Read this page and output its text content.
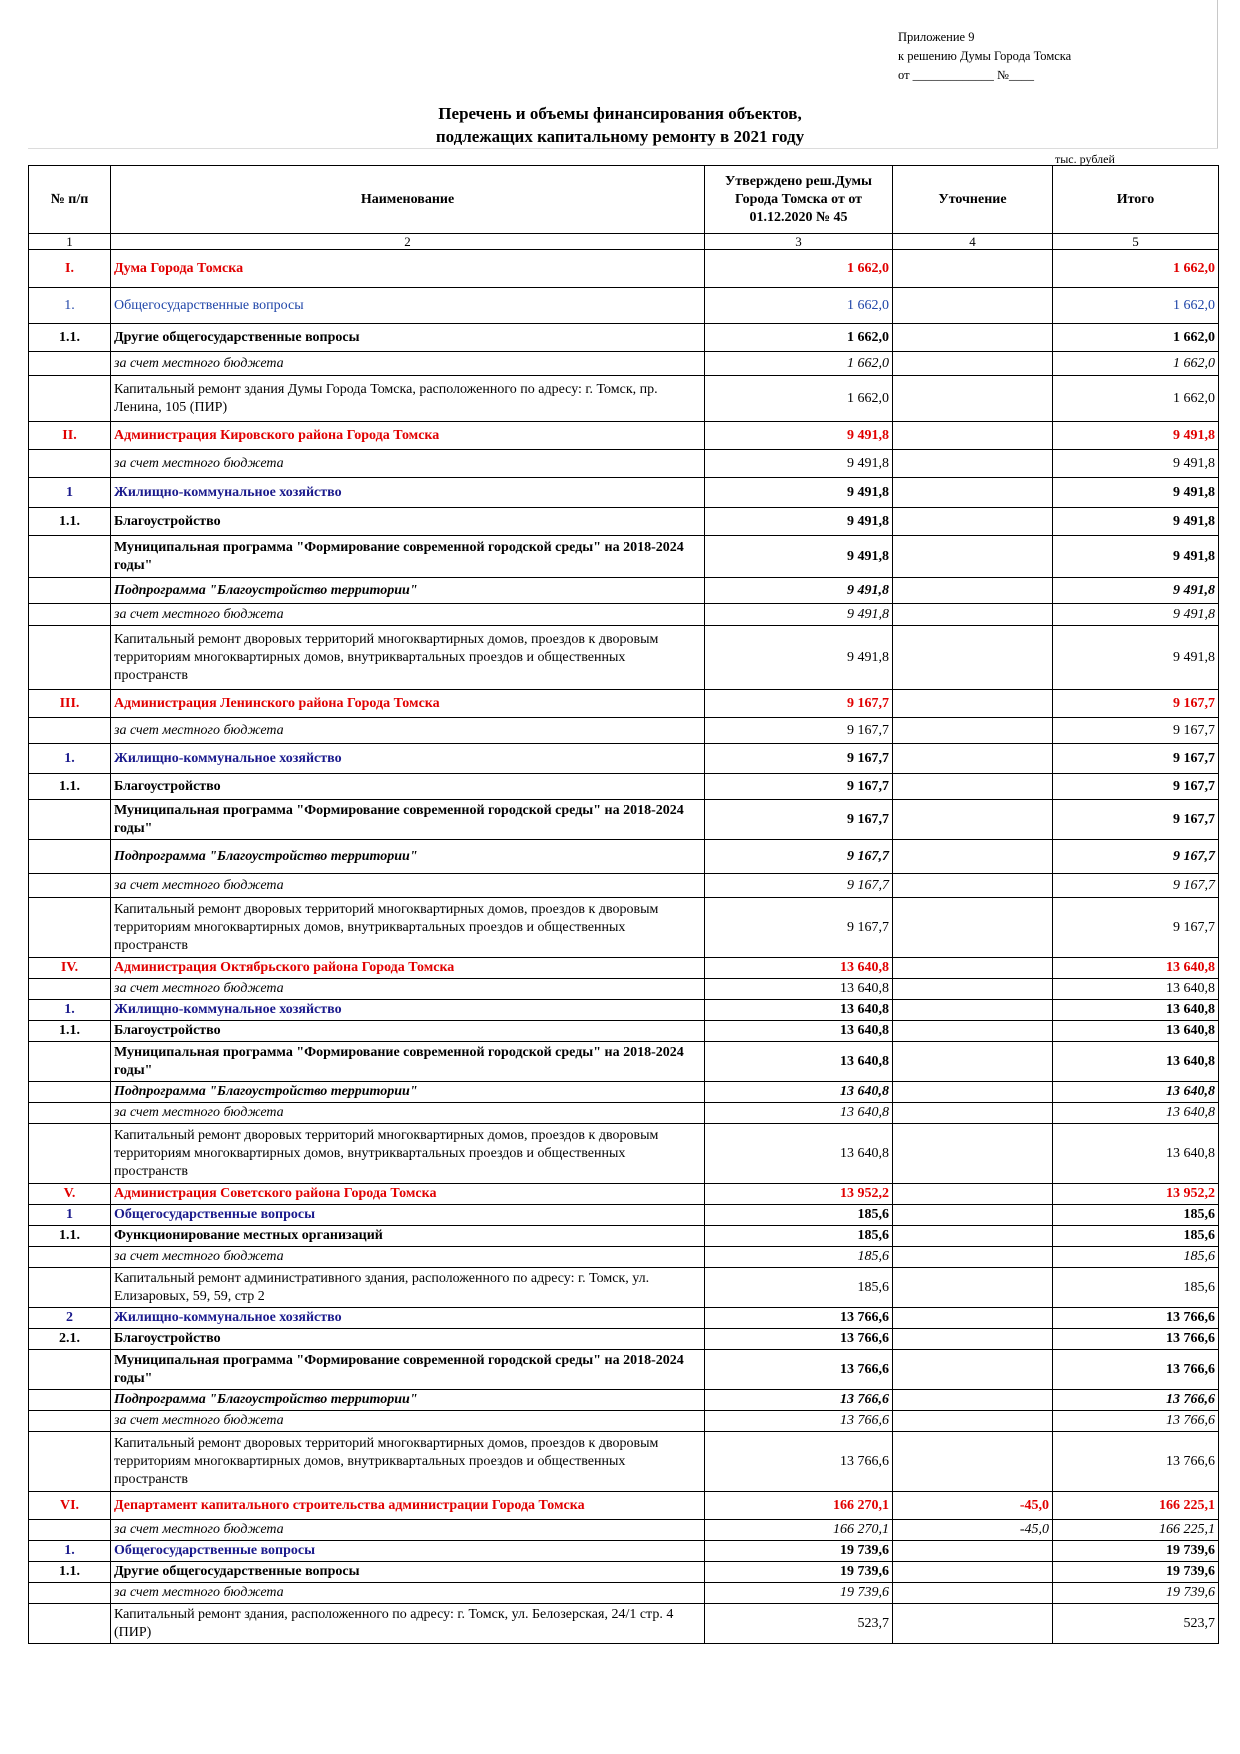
Приложение 9
к решению Думы Города Томска
от _____________ №____
Перечень и объемы финансирования объектов,
подлежащих капитальному ремонту в 2021 году
тыс. рублей
№ п/п	Наименование	Утверждено реш.Думы Города Томска от от 01.12.2020 № 45	Уточнение	Итого
1	2	3	4	5
I.	Дума Города Томска	1 662,0		1 662,0
1.	Общегосударственные вопросы	1 662,0		1 662,0
1.1.	Другие общегосударственные вопросы	1 662,0		1 662,0
	за счет местного бюджета	1 662,0		1 662,0
	Капитальный ремонт здания Думы Города Томска, расположенного по адресу: г. Томск, пр. Ленина, 105 (ПИР)	1 662,0		1 662,0
II.	Администрация Кировского района Города Томска	9 491,8		9 491,8
	за счет местного бюджета	9 491,8		9 491,8
1	Жилищно-коммунальное хозяйство	9 491,8		9 491,8
1.1.	Благоустройство	9 491,8		9 491,8
	Муниципальная программа "Формирование современной городской среды" на 2018-2024 годы"	9 491,8		9 491,8
	Подпрограмма "Благоустройство территории"	9 491,8		9 491,8
	за счет местного бюджета	9 491,8		9 491,8
	Капитальный ремонт дворовых территорий многоквартирных домов, проездов к дворовым территориям многоквартирных домов, внутриквартальных проездов и общественных пространств	9 491,8		9 491,8
III.	Администрация Ленинского района Города Томска	9 167,7		9 167,7
	за счет местного бюджета	9 167,7		9 167,7
1.	Жилищно-коммунальное хозяйство	9 167,7		9 167,7
1.1.	Благоустройство	9 167,7		9 167,7
	Муниципальная программа "Формирование современной городской среды" на 2018-2024 годы"	9 167,7		9 167,7
	Подпрограмма "Благоустройство территории"	9 167,7		9 167,7
	за счет местного бюджета	9 167,7		9 167,7
	Капитальный ремонт дворовых территорий многоквартирных домов, проездов к дворовым территориям многоквартирных домов, внутриквартальных проездов и общественных пространств	9 167,7		9 167,7
IV.	Администрация Октябрьского района Города Томска	13 640,8		13 640,8
	за счет местного бюджета	13 640,8		13 640,8
1.	Жилищно-коммунальное хозяйство	13 640,8		13 640,8
1.1.	Благоустройство	13 640,8		13 640,8
	Муниципальная программа "Формирование современной городской среды" на 2018-2024 годы"	13 640,8		13 640,8
	Подпрограмма "Благоустройство территории"	13 640,8		13 640,8
	за счет местного бюджета	13 640,8		13 640,8
	Капитальный ремонт дворовых территорий многоквартирных домов, проездов к дворовым территориям многоквартирных домов, внутриквартальных проездов и общественных пространств	13 640,8		13 640,8
V.	Администрация Советского района Города Томска	13 952,2		13 952,2
1	Общегосударственные вопросы	185,6		185,6
1.1.	Функционирование местных организаций	185,6		185,6
	за счет местного бюджета	185,6		185,6
	Капитальный ремонт административного здания, расположенного по адресу: г. Томск, ул. Елизаровых, 59, 59, стр 2	185,6		185,6
2	Жилищно-коммунальное хозяйство	13 766,6		13 766,6
2.1.	Благоустройство	13 766,6		13 766,6
	Муниципальная программа "Формирование современной городской среды" на 2018-2024 годы"	13 766,6		13 766,6
	Подпрограмма "Благоустройство территории"	13 766,6		13 766,6
	за счет местного бюджета	13 766,6		13 766,6
	Капитальный ремонт дворовых территорий многоквартирных домов, проездов к дворовым территориям многоквартирных домов, внутриквартальных проездов и общественных пространств	13 766,6		13 766,6
VI.	Департамент капитального строительства администрации Города Томска	166 270,1	-45,0	166 225,1
	за счет местного бюджета	166 270,1	-45,0	166 225,1
1.	Общегосударственные вопросы	19 739,6		19 739,6
1.1.	Другие общегосударственные вопросы	19 739,6		19 739,6
	за счет местного бюджета	19 739,6		19 739,6
	Капитальный ремонт здания, расположенного по адресу: г. Томск, ул. Белозерская, 24/1 стр. 4 (ПИР)	523,7		523,7
